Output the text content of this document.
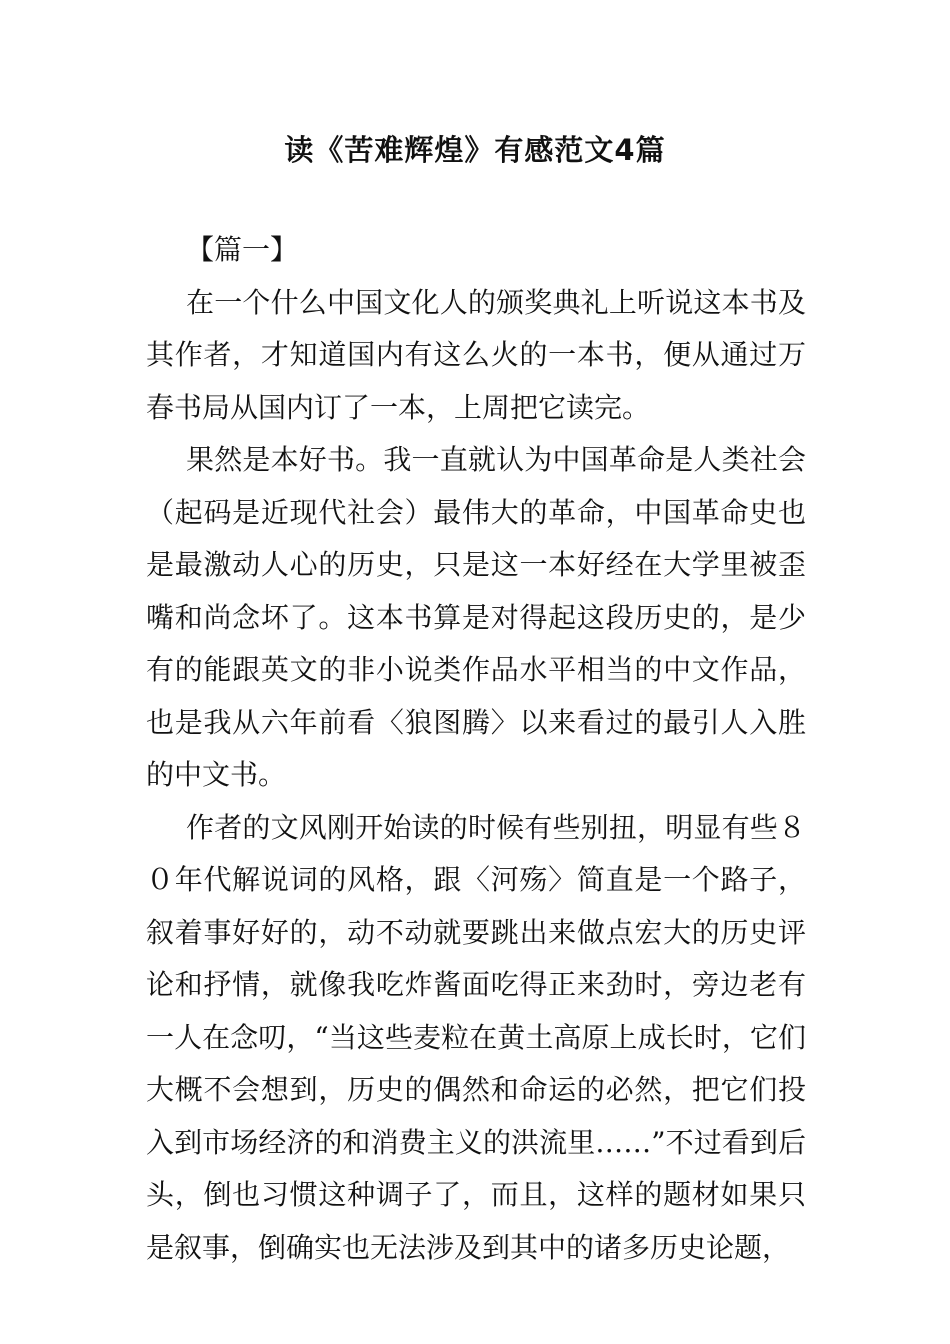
读《苦难辉煌》有感范文4篇

【篇一】

在一个什么中国文化人的颁奖典礼上听说这本书及其作者，才知道国内有这么火的一本书，便从通过万春书局从国内订了一本，上周把它读完。

果然是本好书。我一直就认为中国革命是人类社会（起码是近现代社会）最伟大的革命，中国革命史也是最激动人心的历史，只是这一本好经在大学里被歪嘴和尚念坏了。这本书算是对得起这段历史的，是少有的能跟英文的非小说类作品水平相当的中文作品，也是我从六年前看〈狼图腾〉以来看过的最引人入胜的中文书。

作者的文风刚开始读的时候有些别扭，明显有些８０年代解说词的风格，跟〈河殇〉简直是一个路子，叙着事好好的，动不动就要跳出来做点宏大的历史评论和抒情，就像我吃炸酱面吃得正来劲时，旁边老有一人在念叨，“当这些麦粒在黄土高原上成长时，它们大概不会想到，历史的偶然和命运的必然，把它们投入到市场经济的和消费主义的洪流里……”不过看到后头，倒也习惯这种调子了，而且，这样的题材如果只是叙事，倒确实也无法涉及到其中的诸多历史论题，
